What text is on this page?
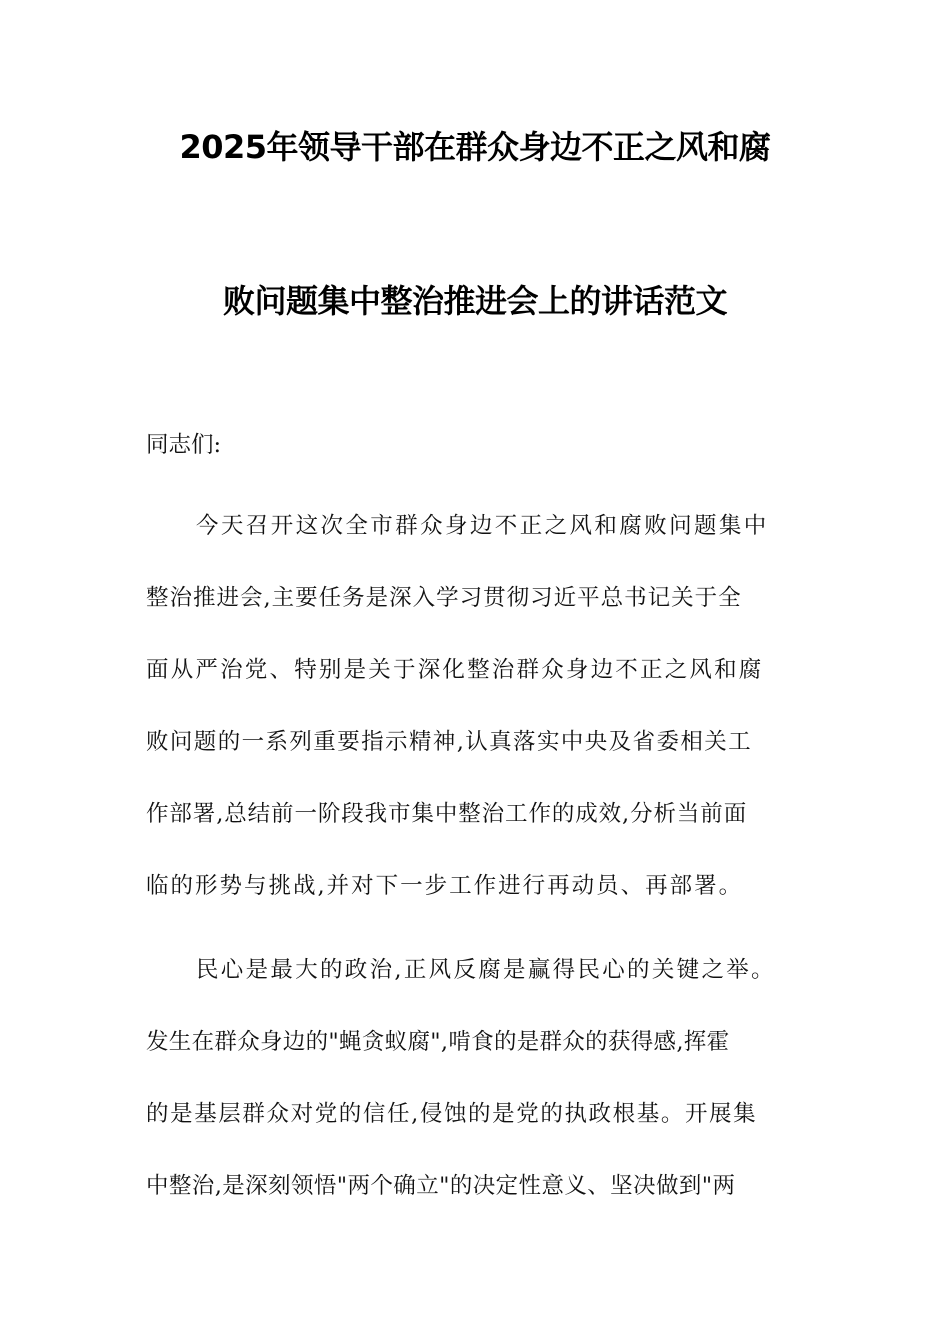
2025年领导干部在群众身边不正之风和腐
败问题集中整治推进会上的讲话范文
同志们:
今天召开这次全市群众身边不正之风和腐败问题集中
整治推进会,主要任务是深入学习贯彻习近平总书记关于全
面从严治党、特别是关于深化整治群众身边不正之风和腐
败问题的一系列重要指示精神,认真落实中央及省委相关工
作部署,总结前一阶段我市集中整治工作的成效,分析当前面
临的形势与挑战,并对下一步工作进行再动员、再部署。
民心是最大的政治,正风反腐是赢得民心的关键之举。
发生在群众身边的"蝇贪蚁腐",啃食的是群众的获得感,挥霍
的是基层群众对党的信任,侵蚀的是党的执政根基。开展集
中整治,是深刻领悟"两个确立"的决定性意义、坚决做到"两
